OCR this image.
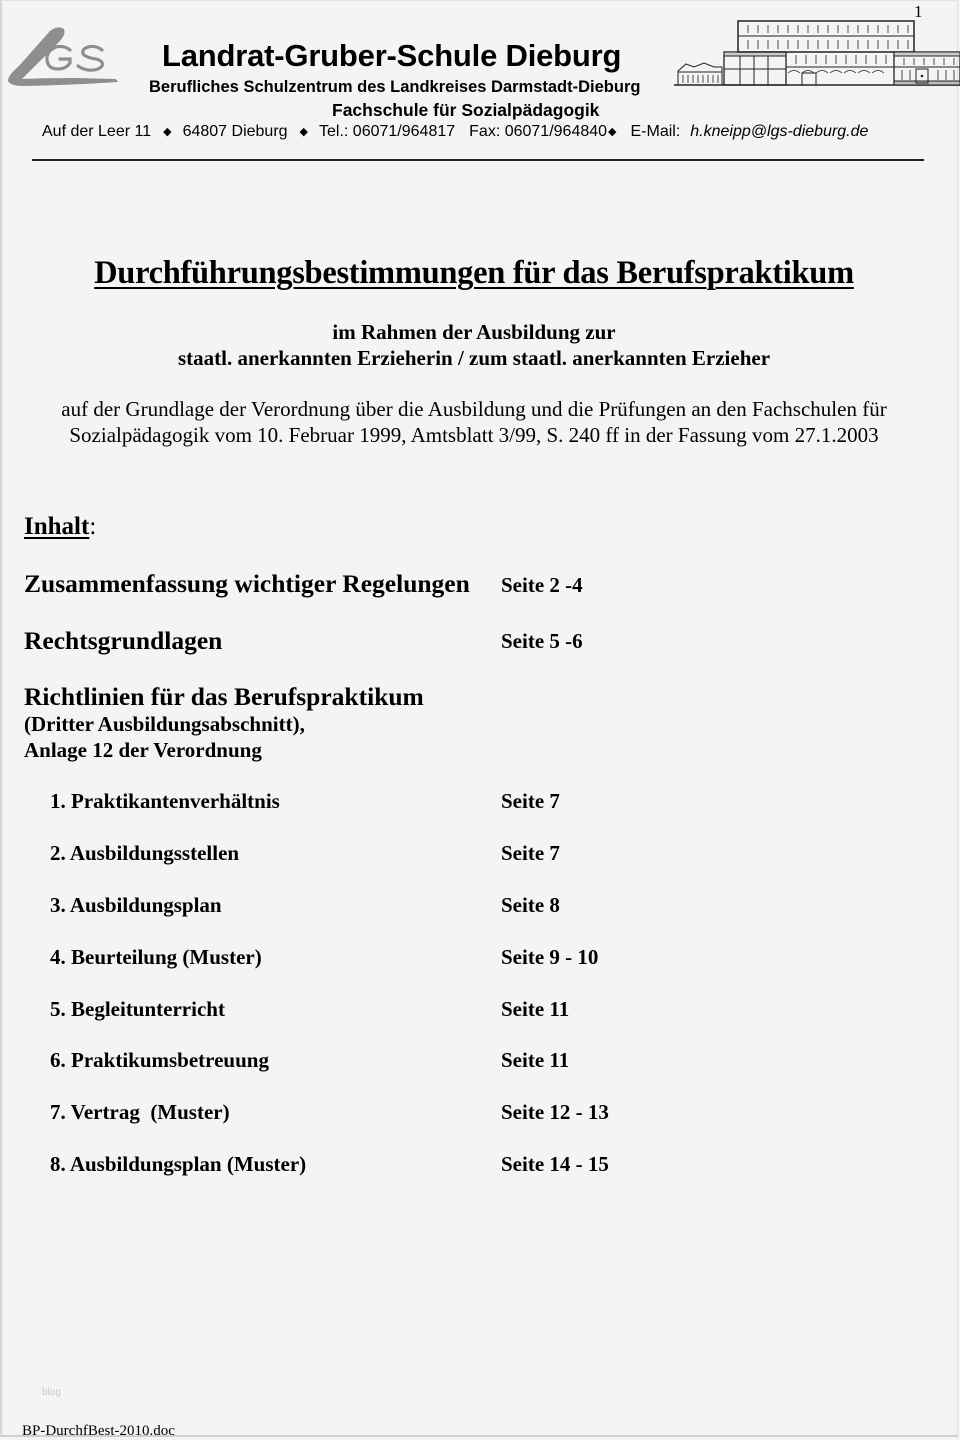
Landrat-Gruber-Schule Dieburg
Berufliches Schulzentrum des Landkreises Darmstadt-Dieburg
Fachschule für Sozialpädagogik
Auf der Leer 11 ◆ 64807 Dieburg ◆ Tel.: 06071/964817 Fax: 06071/964840 ◆ E-Mail: h.kneipp@lgs-dieburg.de
1
Durchführungsbestimmungen für das Berufspraktikum
im Rahmen der Ausbildung zur
staatl. anerkannten Erzieherin / zum staatl. anerkannten Erzieher
auf der Grundlage der Verordnung über die Ausbildung und die Prüfungen an den Fachschulen für
Sozialpädagogik vom 10. Februar 1999, Amtsblatt 3/99, S. 240 ff in der Fassung vom 27.1.2003
Inhalt:
Zusammenfassung wichtiger Regelungen Seite 2 -4
Rechtsgrundlagen	Seite 5 -6
Richtlinien für das Berufspraktikum
(Dritter Ausbildungsabschnitt),
Anlage 12 der Verordnung
1. Praktikantenverhältnis	Seite 7
2. Ausbildungsstellen	Seite 7
3. Ausbildungsplan	Seite 8
4. Beurteilung (Muster)	Seite 9 - 10
5. Begleitunterricht	Seite 11
6. Praktikumsbetreuung	Seite 11
7. Vertrag  (Muster)	Seite 12 - 13
8. Ausbildungsplan (Muster)	Seite 14 - 15
blog
BP-DurchfBest-2010.doc
